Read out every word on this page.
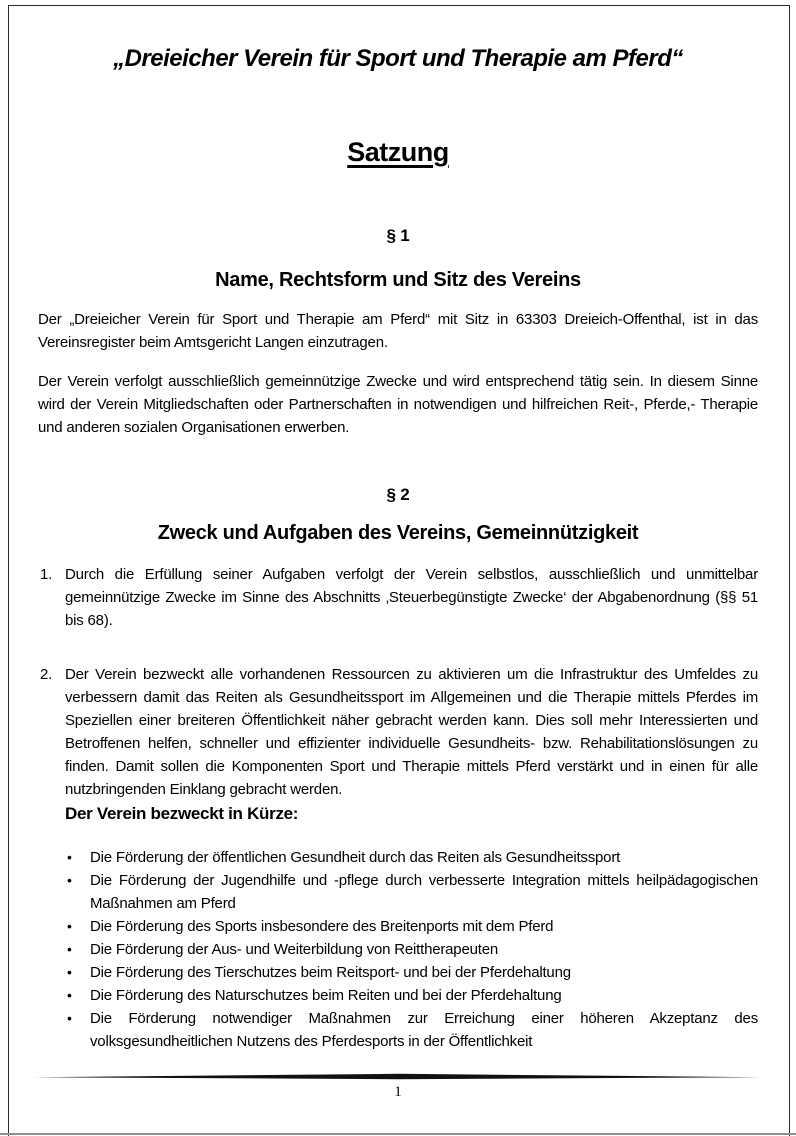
„Dreieicher Verein für Sport und Therapie am Pferd“
Satzung
§ 1
Name, Rechtsform und Sitz des Vereins

Der „Dreieicher Verein für Sport und Therapie am Pferd“ mit Sitz in 63303 Dreieich-Offenthal, ist in das Vereinsregister beim Amtsgericht Langen einzutragen.

Der Verein verfolgt ausschließlich gemeinnützige Zwecke und wird entsprechend tätig sein. In diesem Sinne wird der Verein Mitgliedschaften oder Partnerschaften in notwendigen und hilfreichen Reit-, Pferde,- Therapie und anderen sozialen Organisationen erwerben.

§ 2
Zweck und Aufgaben des Vereins, Gemeinnützigkeit
1. Durch die Erfüllung seiner Aufgaben verfolgt der Verein selbstlos, ausschließlich und unmittelbar gemeinnützige Zwecke im Sinne des Abschnitts ‚Steuerbegünstigte Zwecke‘ der Abgabenordnung (§§ 51 bis 68).
2. Der Verein bezweckt alle vorhandenen Ressourcen zu aktivieren um die Infrastruktur des Umfeldes zu verbessern damit das Reiten als Gesundheitssport im Allgemeinen und die Therapie mittels Pferdes im Speziellen einer breiteren Öffentlichkeit näher gebracht werden kann. Dies soll mehr Interessierten und Betroffenen helfen, schneller und effizienter individuelle Gesundheits- bzw. Rehabilitationslösungen zu finden. Damit sollen die Komponenten Sport und Therapie mittels Pferd verstärkt und in einen für alle nutzbringenden Einklang gebracht werden.
Der Verein bezweckt in Kürze:
• Die Förderung der öffentlichen Gesundheit durch das Reiten als Gesundheitssport
• Die Förderung der Jugendhilfe und -pflege durch verbesserte Integration mittels heilpädagogischen Maßnahmen am Pferd
• Die Förderung des Sports insbesondere des Breitenports mit dem Pferd
• Die Förderung der Aus- und Weiterbildung von Reittherapeuten
• Die Förderung des Tierschutzes beim Reitsport- und bei der Pferdehaltung
• Die Förderung des Naturschutzes beim Reiten und bei der Pferdehaltung
• Die Förderung notwendiger Maßnahmen zur Erreichung einer höheren Akzeptanz des volksgesundheitlichen Nutzens des Pferdesports in der Öffentlichkeit
1
